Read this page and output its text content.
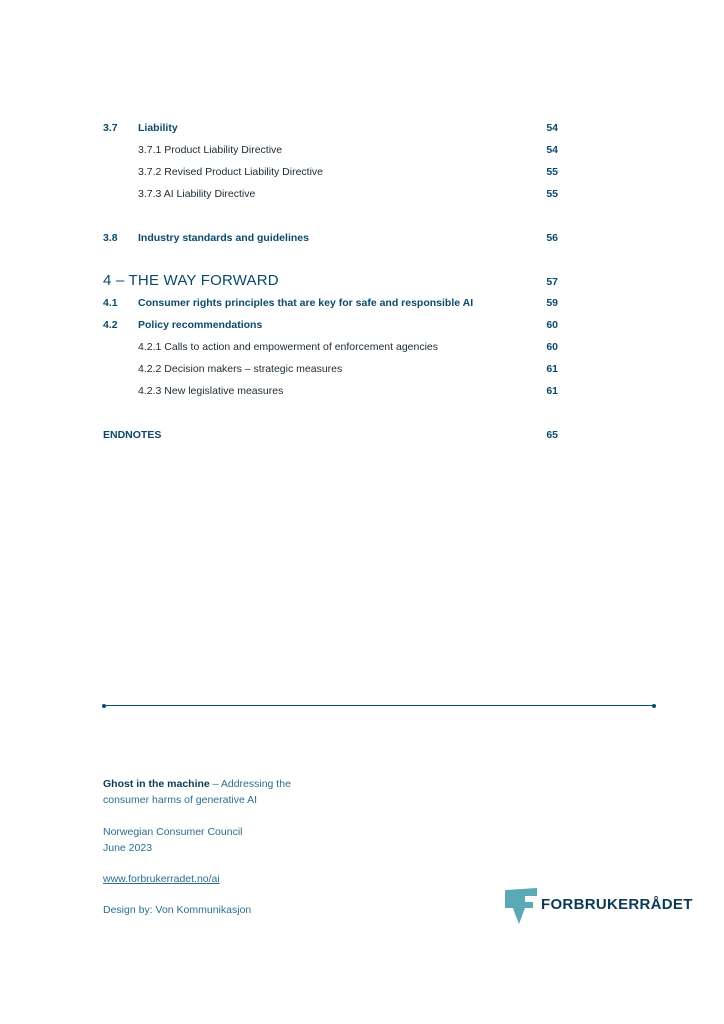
3.7 Liability	54
3.7.1 Product Liability Directive	54
3.7.2 Revised Product Liability Directive	55
3.7.3 AI Liability Directive	55
3.8 Industry standards and guidelines	56
4 – THE WAY FORWARD	57
4.1 Consumer rights principles that are key for safe and responsible AI	59
4.2 Policy recommendations	60
4.2.1 Calls to action and empowerment of enforcement agencies	60
4.2.2 Decision makers – strategic measures	61
4.2.3 New legislative measures	61
ENDNOTES	65
Ghost in the machine – Addressing the
consumer harms of generative AI
Norwegian Consumer Council
June 2023
www.forbrukerradet.no/ai
Design by: Von Kommunikasjon	FORBRUKERRÅDET
